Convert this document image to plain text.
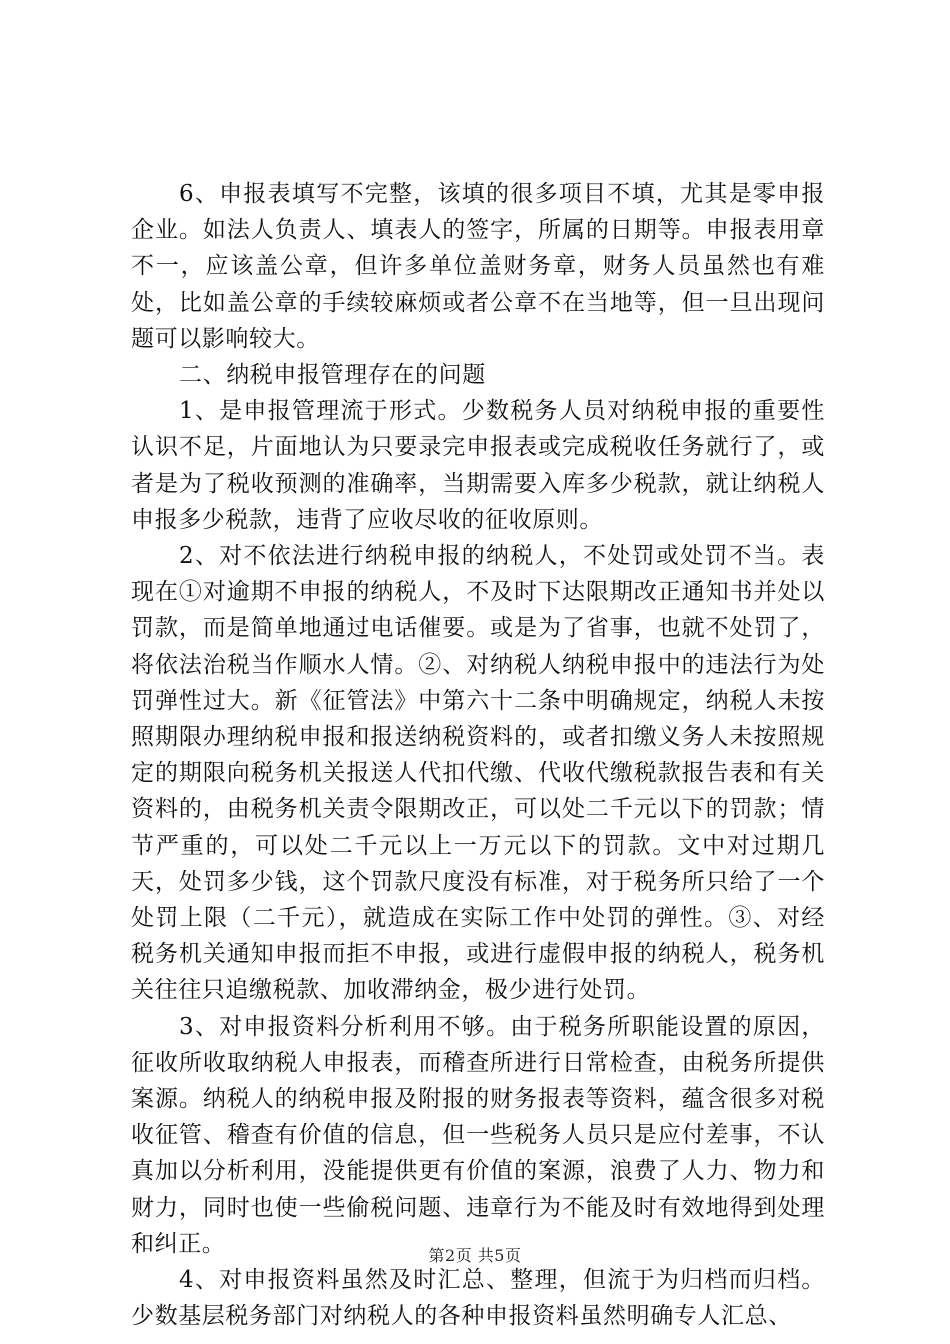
6、申报表填写不完整，该填的很多项目不填，尤其是零申报企业。如法人负责人、填表人的签字，所属的日期等。申报表用章不一，应该盖公章，但许多单位盖财务章，财务人员虽然也有难处，比如盖公章的手续较麻烦或者公章不在当地等，但一旦出现问题可以影响较大。

二、纳税申报管理存在的问题

1、是申报管理流于形式。少数税务人员对纳税申报的重要性认识不足，片面地认为只要录完申报表或完成税收任务就行了，或者是为了税收预测的准确率，当期需要入库多少税款，就让纳税人申报多少税款，违背了应收尽收的征收原则。

2、对不依法进行纳税申报的纳税人，不处罚或处罚不当。表现在①对逾期不申报的纳税人，不及时下达限期改正通知书并处以罚款，而是简单地通过电话催要。或是为了省事，也就不处罚了，将依法治税当作顺水人情。②、对纳税人纳税申报中的违法行为处罚弹性过大。新《征管法》中第六十二条中明确规定，纳税人未按照期限办理纳税申报和报送纳税资料的，或者扣缴义务人未按照规定的期限向税务机关报送人代扣代缴、代收代缴税款报告表和有关资料的，由税务机关责令限期改正，可以处二千元以下的罚款；情节严重的，可以处二千元以上一万元以下的罚款。文中对过期几天，处罚多少钱，这个罚款尺度没有标准，对于税务所只给了一个处罚上限（二千元），就造成在实际工作中处罚的弹性。③、对经税务机关通知申报而拒不申报，或进行虚假申报的纳税人，税务机关往往只追缴税款、加收滞纳金，极少进行处罚。

3、对申报资料分析利用不够。由于税务所职能设置的原因，征收所收取纳税人申报表，而稽查所进行日常检查，由税务所提供案源。纳税人的纳税申报及附报的财务报表等资料，蕴含很多对税收征管、稽查有价值的信息，但一些税务人员只是应付差事，不认真加以分析利用，没能提供更有价值的案源，浪费了人力、物力和财力，同时也使一些偷税问题、违章行为不能及时有效地得到处理和纠正。

4、对申报资料虽然及时汇总、整理，但流于为归档而归档。少数基层税务部门对纳税人的各种申报资料虽然明确专人汇总、

第2页 共5页
